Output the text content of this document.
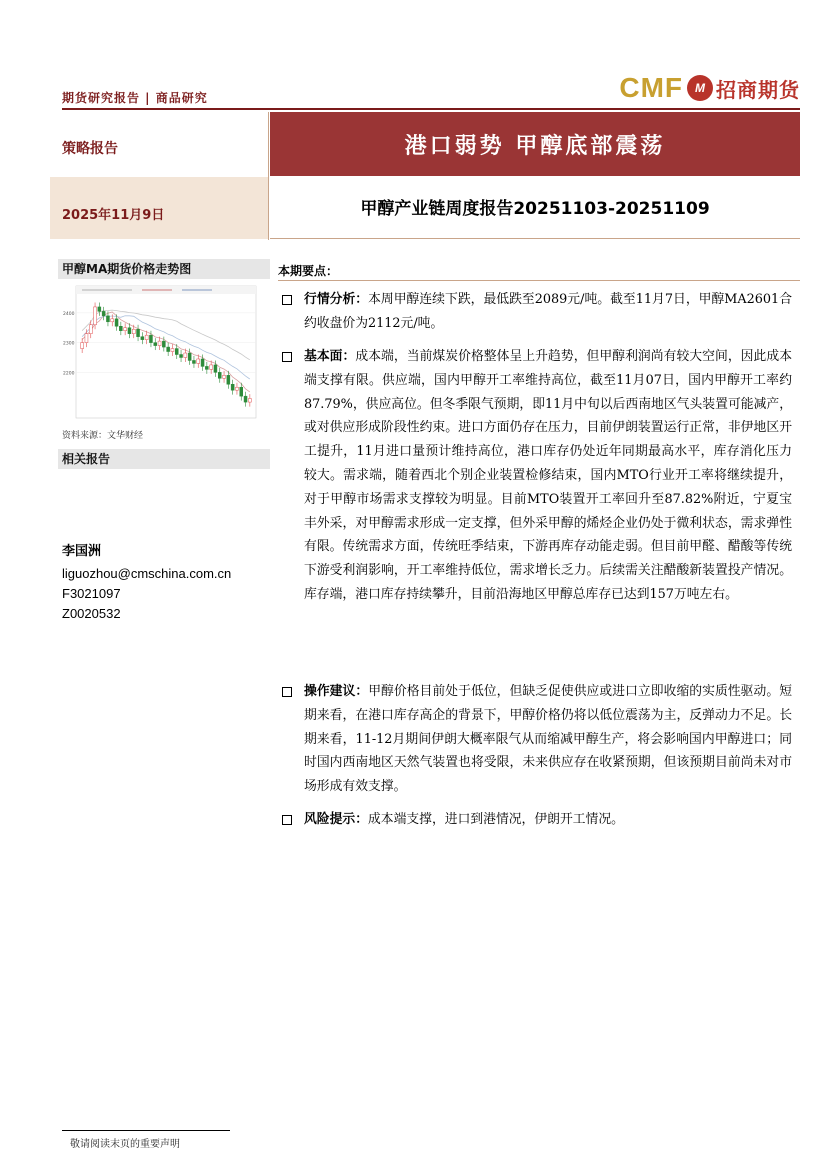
期货研究报告 | 商品研究	CMF	M 招商期货
策略报告	港口弱势 甲醇底部震荡
2025年11月9日	甲醇产业链周度报告20251103-20251109
甲醇MA期货价格走势图
2400
2300
2200
资料来源：文华财经
相关报告
李国洲
liguozhou@cmschina.com.cn
F3021097
Z0020532
本期要点：
行情分析：本周甲醇连续下跌，最低跌至2089元/吨。截至11月7日，甲醇MA2601合约收盘价为2112元/吨。
基本面：成本端，当前煤炭价格整体呈上升趋势，但甲醇利润尚有较大空间，因此成本端支撑有限。供应端，国内甲醇开工率维持高位，截至11月07日，国内甲醇开工率约87.79%，供应高位。但冬季限气预期，即11月中旬以后西南地区气头装置可能减产，或对供应形成阶段性约束。进口方面仍存在压力，目前伊朗装置运行正常，非伊地区开工提升，11月进口量预计维持高位，港口库存仍处近年同期最高水平，库存消化压力较大。需求端，随着西北个别企业装置检修结束，国内MTO行业开工率将继续提升，对于甲醇市场需求支撑较为明显。目前MTO装置开工率回升至87.82%附近，宁夏宝丰外采，对甲醇需求形成一定支撑，但外采甲醇的烯烃企业仍处于微利状态，需求弹性有限。传统需求方面，传统旺季结束，下游再库存动能走弱。但目前甲醛、醋酸等传统下游受利润影响，开工率维持低位，需求增长乏力。后续需关注醋酸新装置投产情况。库存端，港口库存持续攀升，目前沿海地区甲醇总库存已达到157万吨左右。
操作建议：甲醇价格目前处于低位，但缺乏促使供应或进口立即收缩的实质性驱动。短期来看，在港口库存高企的背景下，甲醇价格仍将以低位震荡为主，反弹动力不足。长期来看，11-12月期间伊朗大概率限气从而缩减甲醇生产，将会影响国内甲醇进口；同时国内西南地区天然气装置也将受限，未来供应存在收紧预期，但该预期目前尚未对市场形成有效支撑。
风险提示：成本端支撑，进口到港情况，伊朗开工情况。
敬请阅读末页的重要声明
